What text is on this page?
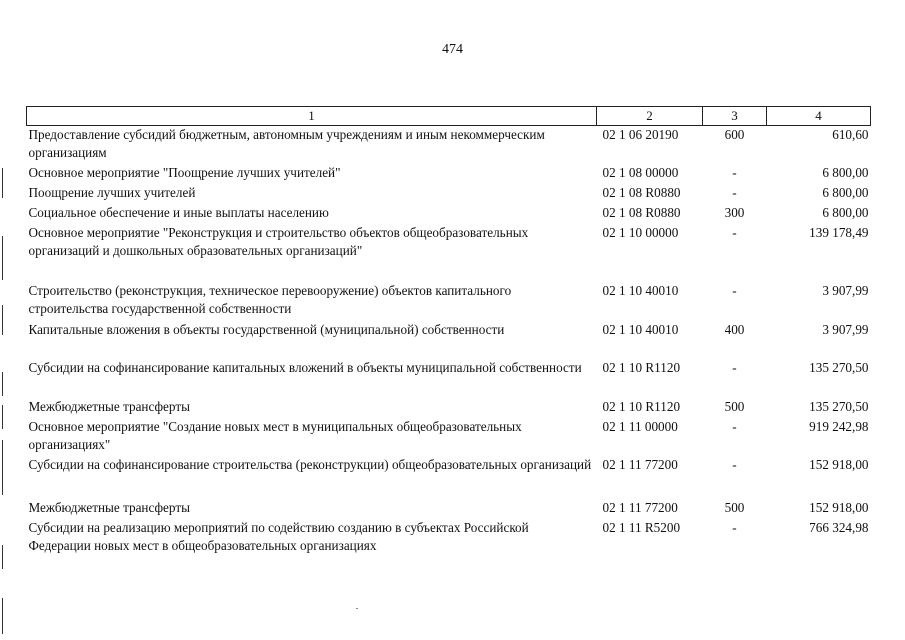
474
1	2	3	4
Предоставление субсидий бюджетным, автономным учреждениям и иным некоммерческим организациям	02 1 06 20190	600	610,60
Основное мероприятие "Поощрение лучших учителей"	02 1 08 00000	-	6 800,00
Поощрение лучших учителей	02 1 08 R0880	-	6 800,00
Социальное обеспечение и иные выплаты населению	02 1 08 R0880	300	6 800,00
Основное мероприятие "Реконструкция и строительство объектов общеобразовательных организаций и дошкольных образовательных организаций"	02 1 10 00000	-	139 178,49
Строительство (реконструкция, техническое перевооружение) объектов капитального строительства государственной собственности	02 1 10 40010	-	3 907,99
Капитальные вложения в объекты государственной (муниципальной) собственности	02 1 10 40010	400	3 907,99
Субсидии на софинансирование капитальных вложений в объекты муниципальной собственности	02 1 10 R1120	-	135 270,50
Межбюджетные трансферты	02 1 10 R1120	500	135 270,50
Основное мероприятие "Создание новых мест в муниципальных общеобразовательных организациях"	02 1 11 00000	-	919 242,98
Субсидии на софинансирование строительства (реконструкции) общеобразовательных организаций	02 1 11 77200	-	152 918,00
Межбюджетные трансферты	02 1 11 77200	500	152 918,00
Субсидии на реализацию мероприятий по содействию созданию в субъектах Российской Федерации новых мест в общеобразовательных организациях	02 1 11 R5200	-	766 324,98
